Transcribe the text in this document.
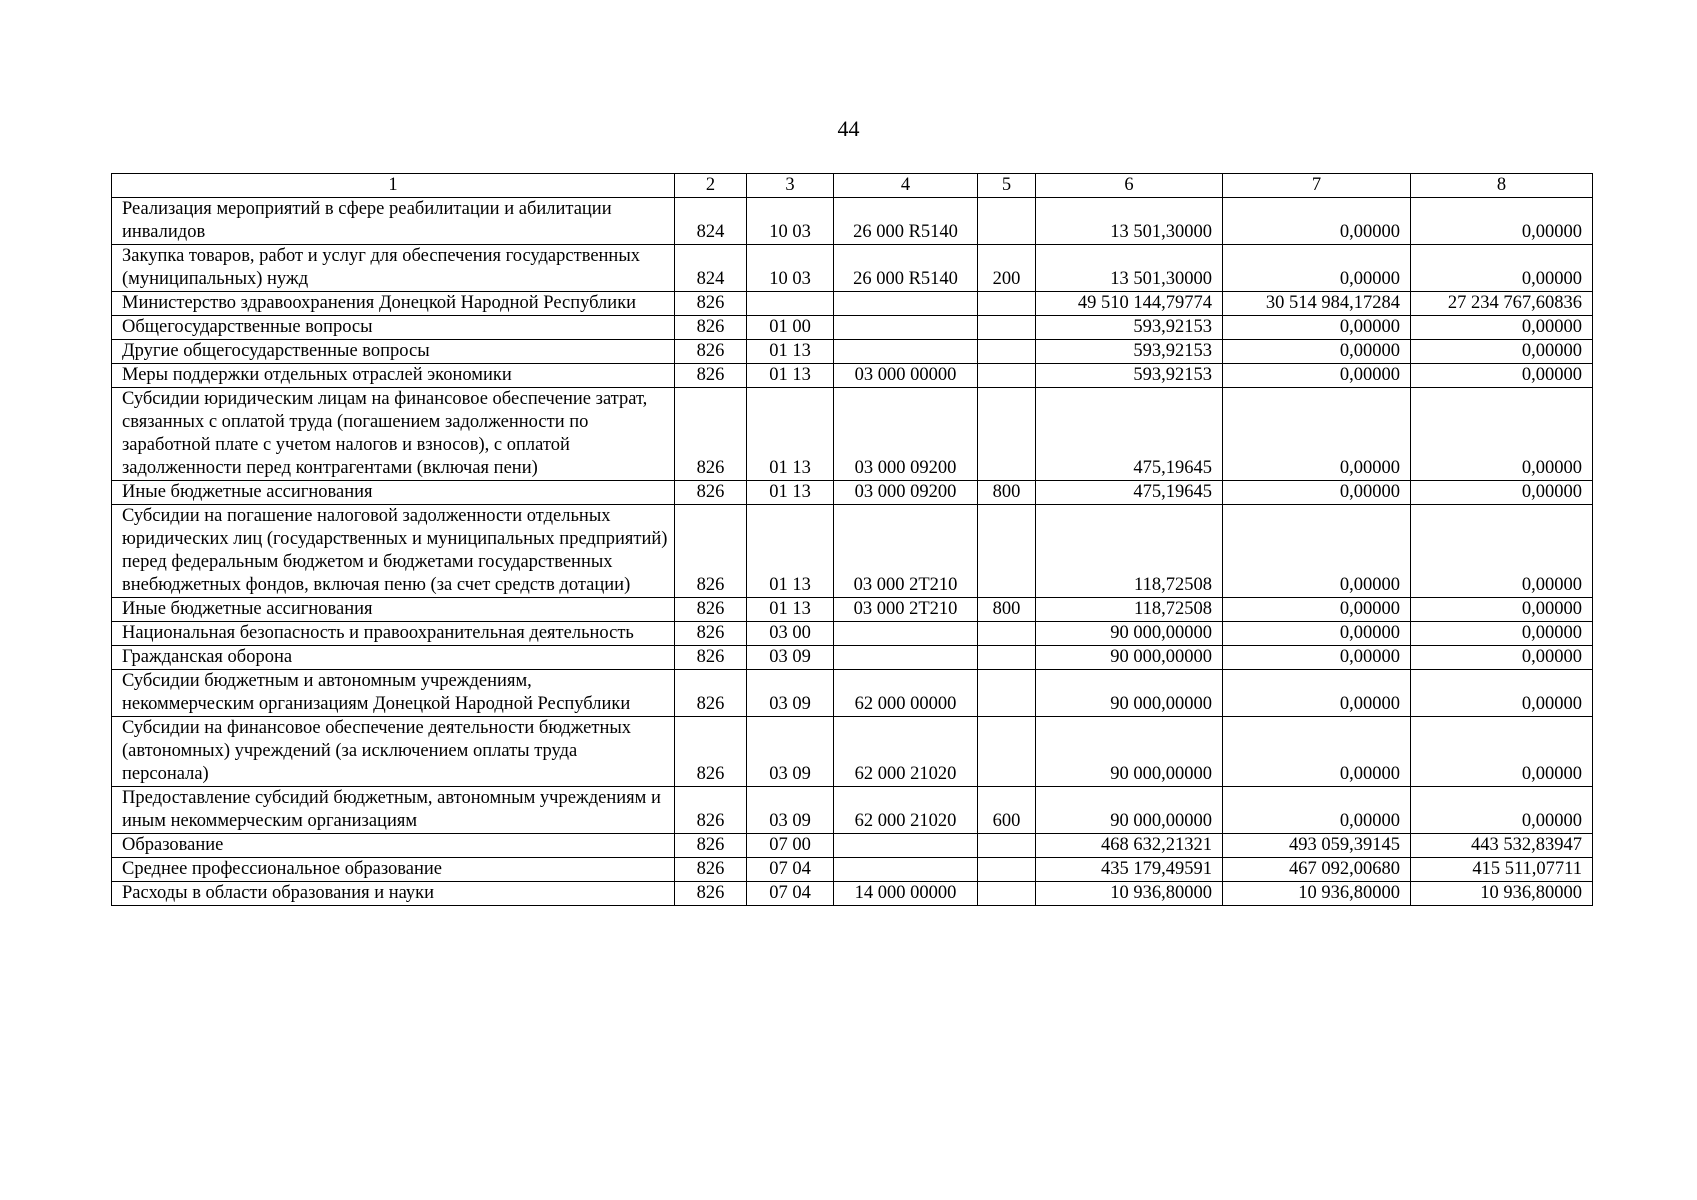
44
1	2	3	4	5	6	7	8
Реализация мероприятий в сфере реабилитации и абилитации инвалидов	824	10 03	26 000 R5140		13 501,30000	0,00000	0,00000
Закупка товаров, работ и услуг для обеспечения государственных (муниципальных) нужд	824	10 03	26 000 R5140	200	13 501,30000	0,00000	0,00000
Министерство здравоохранения Донецкой Народной Республики	826				49 510 144,79774	30 514 984,17284	27 234 767,60836
Общегосударственные вопросы	826	01 00			593,92153	0,00000	0,00000
Другие общегосударственные вопросы	826	01 13			593,92153	0,00000	0,00000
Меры поддержки отдельных отраслей экономики	826	01 13	03 000 00000		593,92153	0,00000	0,00000
Субсидии юридическим лицам на финансовое обеспечение затрат, связанных с оплатой труда (погашением задолженности по заработной плате с учетом налогов и взносов), с оплатой задолженности перед контрагентами (включая пени)	826	01 13	03 000 09200		475,19645	0,00000	0,00000
Иные бюджетные ассигнования	826	01 13	03 000 09200	800	475,19645	0,00000	0,00000
Субсидии на погашение налоговой задолженности отдельных юридических лиц (государственных и муниципальных предприятий) перед федеральным бюджетом и бюджетами государственных внебюджетных фондов, включая пеню (за счет средств дотации)	826	01 13	03 000 2Т210		118,72508	0,00000	0,00000
Иные бюджетные ассигнования	826	01 13	03 000 2Т210	800	118,72508	0,00000	0,00000
Национальная безопасность и правоохранительная деятельность	826	03 00			90 000,00000	0,00000	0,00000
Гражданская оборона	826	03 09			90 000,00000	0,00000	0,00000
Субсидии бюджетным и автономным учреждениям, некоммерческим организациям Донецкой Народной Республики	826	03 09	62 000 00000		90 000,00000	0,00000	0,00000
Субсидии на финансовое обеспечение деятельности бюджетных (автономных) учреждений (за исключением оплаты труда персонала)	826	03 09	62 000 21020		90 000,00000	0,00000	0,00000
Предоставление субсидий бюджетным, автономным учреждениям и иным некоммерческим организациям	826	03 09	62 000 21020	600	90 000,00000	0,00000	0,00000
Образование	826	07 00			468 632,21321	493 059,39145	443 532,83947
Среднее профессиональное образование	826	07 04			435 179,49591	467 092,00680	415 511,07711
Расходы в области образования и науки	826	07 04	14 000 00000		10 936,80000	10 936,80000	10 936,80000
